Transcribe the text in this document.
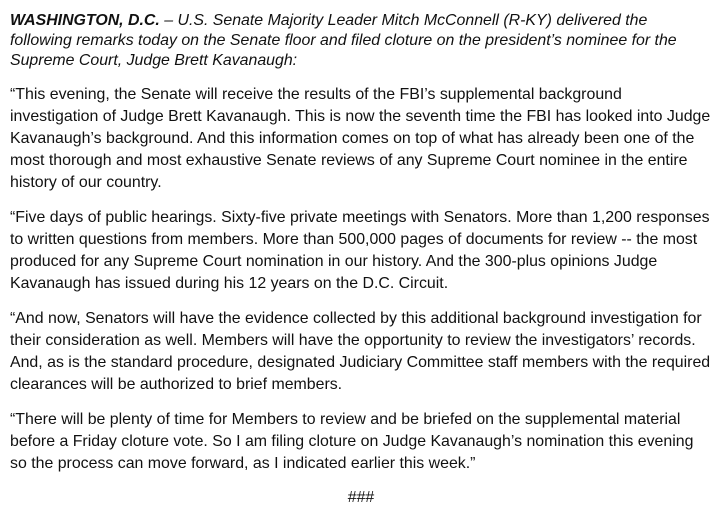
WASHINGTON, D.C. – U.S. Senate Majority Leader Mitch McConnell (R-KY) delivered the following remarks today on the Senate floor and filed cloture on the president’s nominee for the Supreme Court, Judge Brett Kavanaugh:

“This evening, the Senate will receive the results of the FBI’s supplemental background investigation of Judge Brett Kavanaugh. This is now the seventh time the FBI has looked into Judge Kavanaugh’s background. And this information comes on top of what has already been one of the most thorough and most exhaustive Senate reviews of any Supreme Court nominee in the entire history of our country.

“Five days of public hearings. Sixty-five private meetings with Senators. More than 1,200 responses to written questions from members. More than 500,000 pages of documents for review -- the most produced for any Supreme Court nomination in our history. And the 300-plus opinions Judge Kavanaugh has issued during his 12 years on the D.C. Circuit.

“And now, Senators will have the evidence collected by this additional background investigation for their consideration as well. Members will have the opportunity to review the investigators’ records. And, as is the standard procedure, designated Judiciary Committee staff members with the required clearances will be authorized to brief members.

“There will be plenty of time for Members to review and be briefed on the supplemental material before a Friday cloture vote. So I am filing cloture on Judge Kavanaugh’s nomination this evening so the process can move forward, as I indicated earlier this week.”

###
